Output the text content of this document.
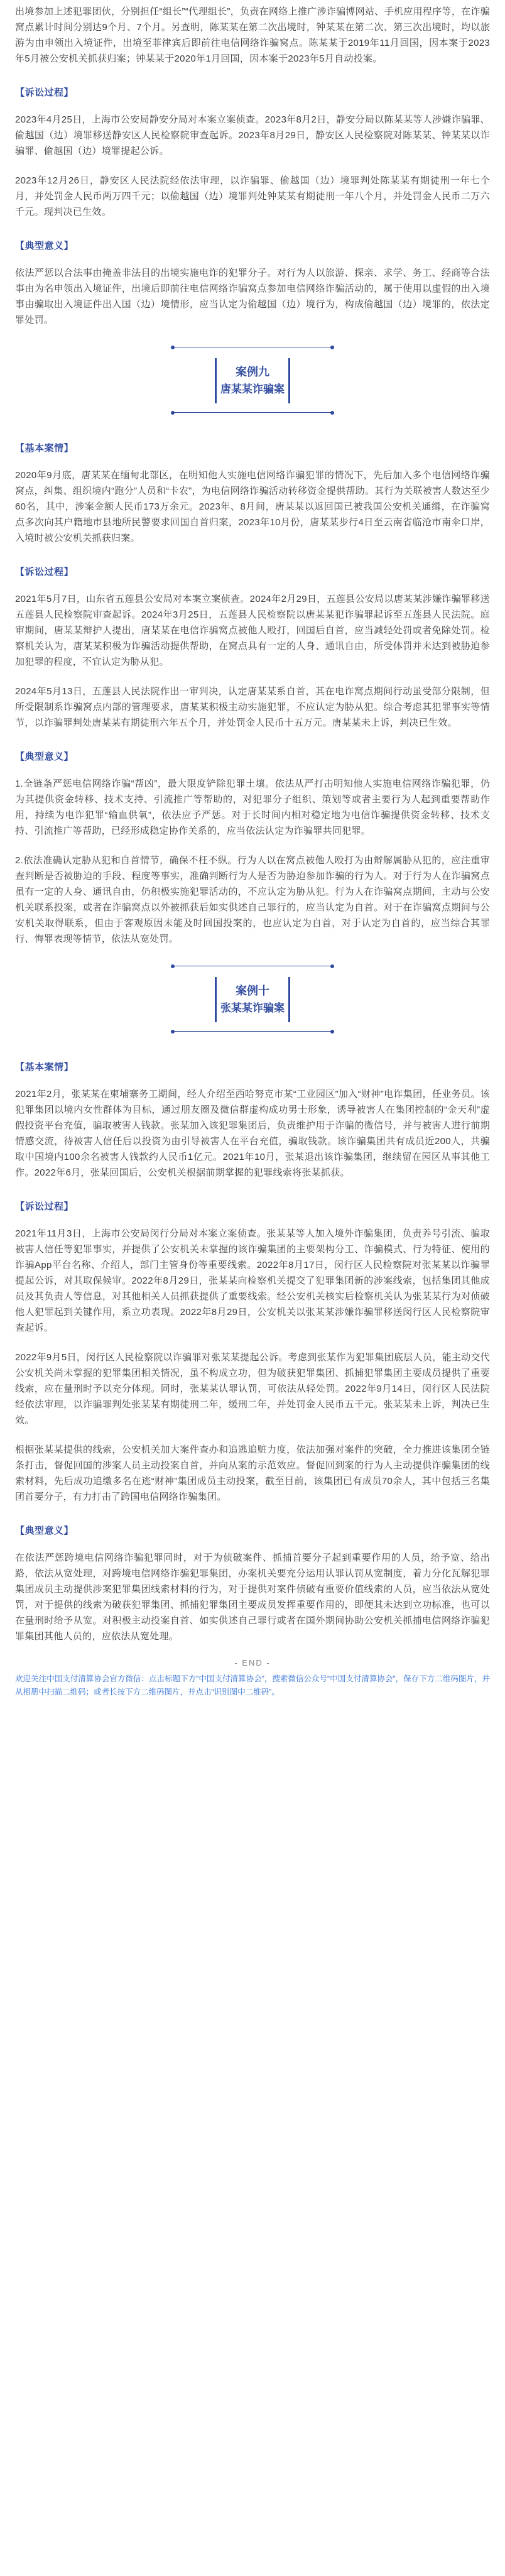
出境参加上述犯罪团伙，分别担任“组长”“代理组长”，负责在网络上推广涉诈骗博网站、手机应用程序等，在诈骗窝点累计时间分别达9个月、7个月。另查明，陈某某在第二次出境时，钟某某在第二次、第三次出境时，均以旅游为由申领出入境证件，出境至菲律宾后即前往电信网络诈骗窝点。陈某某于2019年11月回国，因本案于2023年5月被公安机关抓获归案；钟某某于2020年1月回国，因本案于2023年5月自动投案。

【诉讼过程】

2023年4月25日，上海市公安局静安分局对本案立案侦查。2023年8月2日，静安分局以陈某某等人涉嫌诈骗罪、偷越国（边）境罪移送静安区人民检察院审查起诉。2023年8月29日，静安区人民检察院对陈某某、钟某某以诈骗罪、偷越国（边）境罪提起公诉。

2023年12月26日，静安区人民法院经依法审理，以诈骗罪、偷越国（边）境罪判处陈某某有期徒刑一年七个月，并处罚金人民币两万四千元；以偷越国（边）境罪判处钟某某有期徒刑一年八个月，并处罚金人民币二万六千元。现判决已生效。

【典型意义】

依法严惩以合法事由掩盖非法目的出境实施电诈的犯罪分子。对行为人以旅游、探亲、求学、务工、经商等合法事由为名申领出入境证件，出境后即前往电信网络诈骗窝点参加电信网络诈骗活动的，属于使用以虚假的出入境事由骗取出入境证件出入国（边）境情形，应当认定为偷越国（边）境行为，构成偷越国（边）境罪的，依法定罪处罚。

案例九
唐某某诈骗案
【基本案情】

2020年9月底，唐某某在缅甸北部区，在明知他人实施电信网络诈骗犯罪的情况下，先后加入多个电信网络诈骗窝点，纠集、组织境内“跑分”人员和“卡农”，为电信网络诈骗活动转移资金提供帮助。其行为关联被害人数达至少60名，其中，涉案金额人民币173万余元。2023年、8月间，唐某某以返回国已被我国公安机关通缉，在诈骗窝点多次向其户籍地市县地所民警要求回国自首归案，2023年10月份，唐某某步行4日至云南省临沧市南伞口岸，入境时被公安机关抓获归案。

【诉讼过程】

2021年5月7日，山东省五莲县公安局对本案立案侦查。2024年2月29日，五莲县公安局以唐某某涉嫌诈骗罪移送五莲县人民检察院审查起诉。2024年3月25日，五莲县人民检察院以唐某某犯诈骗罪起诉至五莲县人民法院。庭审期间，唐某某辩护人提出，唐某某在电信诈骗窝点被他人殴打，回国后自首，应当减轻处罚或者免除处罚。检察机关认为，唐某某积极为诈骗活动提供帮助，在窝点具有一定的人身、通讯自由，所受体罚并未达到被胁迫参加犯罪的程度，不宜认定为胁从犯。

2024年5月13日，五莲县人民法院作出一审判决，认定唐某某系自首，其在电诈窝点期间行动虽受部分限制，但所受限制系诈骗窝点内部的管理要求，唐某某积极主动实施犯罪，不应认定为胁从犯。综合考虑其犯罪事实等情节，以诈骗罪判处唐某某有期徒刑六年五个月，并处罚金人民币十五万元。唐某某未上诉，判决已生效。

【典型意义】

1.全链条严惩电信网络诈骗“帮凶”，最大限度铲除犯罪土壤。依法从严打击明知他人实施电信网络诈骗犯罪，仍为其提供资金转移、技术支持、引流推广等帮助的，对犯罪分子组织、策划等或者主要行为人起到重要帮助作用，持续为电诈犯罪“输血供氧”，依法应予严惩。对于长时间内相对稳定地为电信诈骗提供资金转移、技术支持、引流推广等帮助，已经形成稳定协作关系的，应当依法认定为诈骗罪共同犯罪。

2.依法准确认定胁从犯和自首情节，确保不枉不纵。行为人以在窝点被他人殴打为由辩解属胁从犯的，应注重审查判断是否被胁迫的手段、程度等事实，准确判断行为人是否为胁迫参加诈骗的行为人。对于行为人在诈骗窝点虽有一定的人身、通讯自由，仍积极实施犯罪活动的，不应认定为胁从犯。行为人在诈骗窝点期间，主动与公安机关联系投案，或者在诈骗窝点以外被抓获后如实供述自己罪行的，应当认定为自首。对于在诈骗窝点期间与公安机关取得联系，但由于客观原因未能及时回国投案的，也应认定为自首，对于认定为自首的，应当综合其罪行、悔罪表现等情节，依法从宽处罚。

案例十
张某某诈骗案
【基本案情】

2021年2月，张某某在柬埔寨务工期间，经人介绍至西哈努克市某“工业园区”加入“财神”电诈集团，任业务员。该犯罪集团以境内女性群体为目标，通过朋友圈及微信群虚构成功男士形象，诱导被害人在集团控制的“金天利”虚假投资平台充值，骗取被害人钱款。张某加入该犯罪集团后，负责维护用于诈骗的微信号，并与被害人进行前期情感交流，待被害人信任后以投资为由引导被害人在平台充值，骗取钱款。该诈骗集团共有成员近200人，共骗取中国境内100余名被害人钱款约人民币1亿元。2021年10月，张某退出该诈骗集团，继续留在园区从事其他工作。2022年6月，张某回国后，公安机关根据前期掌握的犯罪线索将张某抓获。

【诉讼过程】

2021年11月3日，上海市公安局闵行分局对本案立案侦查。张某某等人加入境外诈骗集团，负责养号引流、骗取被害人信任等犯罪事实，并提供了公安机关未掌握的该诈骗集团的主要架构分工、诈骗模式、行为特征、使用的诈骗App平台名称、介绍人，部门主管身份等重要线索。2022年8月17日，闵行区人民检察院对张某某以诈骗罪提起公诉，对其取保候审。2022年8月29日，张某某向检察机关提交了犯罪集团新的涉案线索，包括集团其他成员及其负责人等信息，对其他相关人员抓获提供了重要线索。经公安机关核实后检察机关认为张某某行为对侦破他人犯罪起到关键作用，系立功表现。2022年8月29日，公安机关以张某某涉嫌诈骗罪移送闵行区人民检察院审查起诉。

2022年9月5日，闵行区人民检察院以诈骗罪对张某某提起公诉。考虑到张某作为犯罪集团底层人员，能主动交代公安机关尚未掌握的犯罪集团相关情况，虽不构成立功，但为破获犯罪集团、抓捕犯罪集团主要成员提供了重要线索，应在量刑时予以充分体现。同时，张某某认罪认罚，可依法从轻处罚。2022年9月14日，闵行区人民法院经依法审理，以诈骗罪判处张某某有期徒刑二年，缓刑二年，并处罚金人民币五千元。张某某未上诉，判决已生效。

根据张某某提供的线索，公安机关加大案件查办和追逃追赃力度，依法加强对案件的突破，全力推进该集团全链条打击，督促回国的涉案人员主动投案自首，并向从案的示范效应。督促回到案的行为人主动提供诈骗集团的线索材料，先后成功追缴多名在逃“财神”集团成员主动投案，截至目前，该集团已有成员70余人，其中包括三名集团首要分子，有力打击了跨国电信网络诈骗集团。

【典型意义】

在依法严惩跨境电信网络诈骗犯罪同时，对于为侦破案件、抓捕首要分子起到重要作用的人员，给予宽、给出路，依法从宽处理，对跨境电信网络诈骗犯罪集团，办案机关要充分运用认罪认罚从宽制度，着力分化瓦解犯罪集团成员主动提供涉案犯罪集团线索材料的行为，对于提供对案件侦破有重要价值线索的人员，应当依法从宽处罚，对于提供的线索为破获犯罪集团、抓捕犯罪集团主要成员发挥重要作用的，即便其未达到立功标准，也可以在量刑时给予从宽。对积极主动投案自首、如实供述自己罪行或者在国外期间协助公安机关抓捕电信网络诈骗犯罪集团其他人员的，应依法从宽处理。

- END -

欢迎关注中国支付清算协会官方微信：点击标题下方“中国支付清算协会”，搜索微信公众号“中国支付清算协会”，保存下方二维码图片，并从相册中扫描二维码；或者长按下方二维码图片，并点击“识别图中二维码”。
